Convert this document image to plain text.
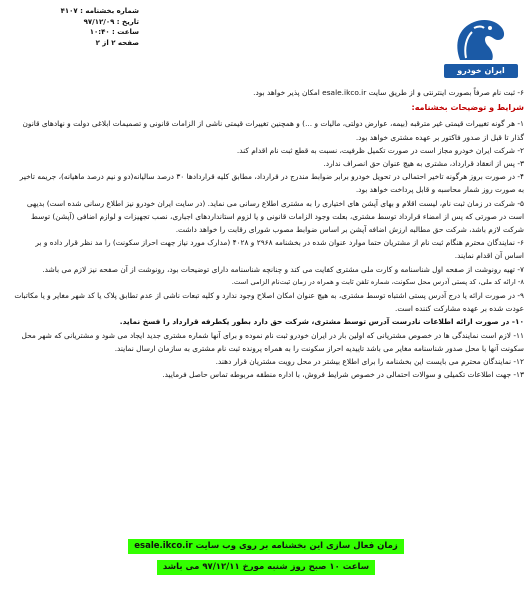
شماره بخشنامه : ۴۱۰۷
تاریخ : ۹۷/۱۲/۰۹
ساعت : ۱۰:۴۰
صفحه ۲ از ۲
ایران خودرو

۶- ثبت نام صرفاً بصورت اینترنتی و از طریق سایت esale.ikco.ir امکان پذیر خواهد بود.

شرایط و توضیحات بخشنامه:

۱- هر گونه تغییرات قیمتی غیر مترقبه (بیمه، عوارض دولتی، مالیات و ...) و همچنین تغییرات قیمتی ناشی از الزامات قانونی و تصمیمات ابلاغی دولت و نهادهای قانون گذار تا قبل از صدور فاکتور بر عهده مشتری خواهد بود.

۲- شرکت ایران خودرو مجاز است در صورت تکمیل ظرفیت، نسبت به قطع ثبت نام اقدام کند.

۳- پس از انعقاد قرارداد، مشتری به هیچ عنوان حق انصراف ندارد.

۴- در صورت بروز هرگونه تاخیر احتمالی در تحویل خودرو برابر ضوابط مندرج در قرارداد، مطابق کلیه قراردادها ۳۰ درصد سالیانه(دو و نیم درصد ماهیانه)، جریمه تاخیر به صورت روز شمار محاسبه و قابل پرداخت خواهد بود.

۵- شرکت در زمان ثبت نام، لیست اقلام و بهای آپشن های اختیاری را به مشتری اطلاع رسانی می نماید. (در سایت ایران خودرو نیز اطلاع رسانی شده است) بدیهی است در صورتی که پس از امضاء قرارداد توسط مشتری، بعلت وجود الزامات قانونی و یا لزوم استانداردهای اجباری، نصب تجهیزات و لوازم اضافی (آپشن) توسط شرکت لازم باشد، شرکت حق مطالبه ارزش اضافه آپشن بر اساس ضوابط مصوب شورای رقابت را خواهد داشت.

۶- نمایندگان محترم هنگام ثبت نام از مشتریان حتما موارد عنوان شده در بخشنامه ۲۹۶۸ و ۴۰۲۸ (مدارک مورد نیاز جهت احراز سکونت) را مد نظر قرار داده و بر اساس آن اقدام نمایند.

۷- تهیه رونوشت از صفحه اول شناسنامه و کارت ملی مشتری کفایت می کند و چنانچه شناسنامه دارای توضیحات بود، رونوشت از آن صفحه نیز لازم می باشد.

۸- ارائه کد ملی، کد پستی آدرس محل سکونت، شماره تلفن ثابت و همراه در زمان ثبت‌نام الزامی است.

۹- در صورت ارائه یا درج آدرس پستی اشتباه توسط مشتری، به هیچ عنوان امکان اصلاح وجود ندارد و کلیه تبعات ناشی از عدم تطابق پلاک یا کد شهر مغایر و یا مکاتبات عودت شده بر عهده مشارکت کننده است.

۱۰- در صورت ارائه اطلاعات نادرست آدرس توسط مشتری، شرکت حق دارد بطور یکطرفه قرارداد را فسخ نماید.

۱۱- لازم است نمایندگی ها در خصوص مشتریانی که اولین بار در ایران خودرو ثبت نام نموده و برای آنها شماره مشتری جدید ایجاد می شود و مشتریانی که شهر محل سکونت آنها با محل صدور شناسنامه مغایر می باشد تاییدیه احراز سکونت را به همراه پرونده ثبت نام مشتری به سازمان ارسال نمایند.

۱۲- نمایندگان محترم می بایست این بخشنامه را برای اطلاع بیشتر در محل رویت مشتریان قرار دهند.

۱۳- جهت اطلاعات تکمیلی و سوالات احتمالی در خصوص شرایط فروش، با اداره منطقه مربوطه تماس حاصل فرمایید.

زمان فعال سازی این بخشنامه بر روی وب سایت esale.ikco.ir
ساعت ۱۰ صبح روز شنبه مورخ ۹۷/۱۲/۱۱ می باشد
